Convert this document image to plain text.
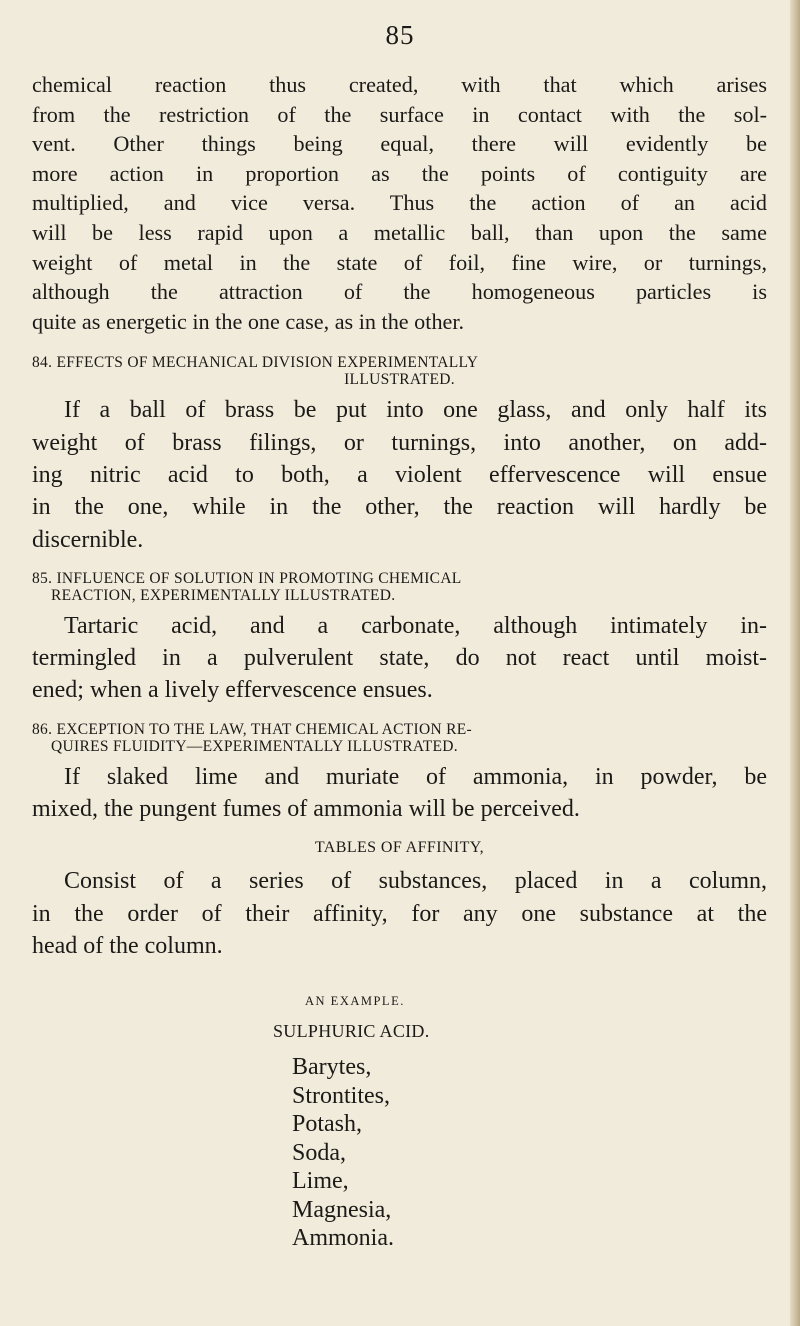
85

chemical reaction thus created, with that which arises
from the restriction of the surface in contact with the sol-
vent. Other things being equal, there will evidently be
more action in proportion as the points of contiguity are
multiplied, and vice versa. Thus the action of an acid
will be less rapid upon a metallic ball, than upon the same
weight of metal in the state of foil, fine wire, or turnings,
although the attraction of the homogeneous particles is
quite as energetic in the one case, as in the other.

84. EFFECTS OF MECHANICAL DIVISION EXPERIMENTALLY
ILLUSTRATED.

If a ball of brass be put into one glass, and only half its
weight of brass filings, or turnings, into another, on add-
ing nitric acid to both, a violent effervescence will ensue
in the one, while in the other, the reaction will hardly be
discernible.

85. INFLUENCE OF SOLUTION IN PROMOTING CHEMICAL
REACTION, EXPERIMENTALLY ILLUSTRATED.

Tartaric acid, and a carbonate, although intimately in-
termingled in a pulverulent state, do not react until moist-
ened; when a lively effervescence ensues.

86. EXCEPTION TO THE LAW, THAT CHEMICAL ACTION RE-
QUIRES FLUIDITY—EXPERIMENTALLY ILLUSTRATED.

If slaked lime and muriate of ammonia, in powder, be
mixed, the pungent fumes of ammonia will be perceived.

TABLES OF AFFINITY,

Consist of a series of substances, placed in a column,
in the order of their affinity, for any one substance at the
head of the column.

AN EXAMPLE.
SULPHURIC ACID.
Barytes,
Strontites,
Potash,
Soda,
Lime,
Magnesia,
Ammonia.
